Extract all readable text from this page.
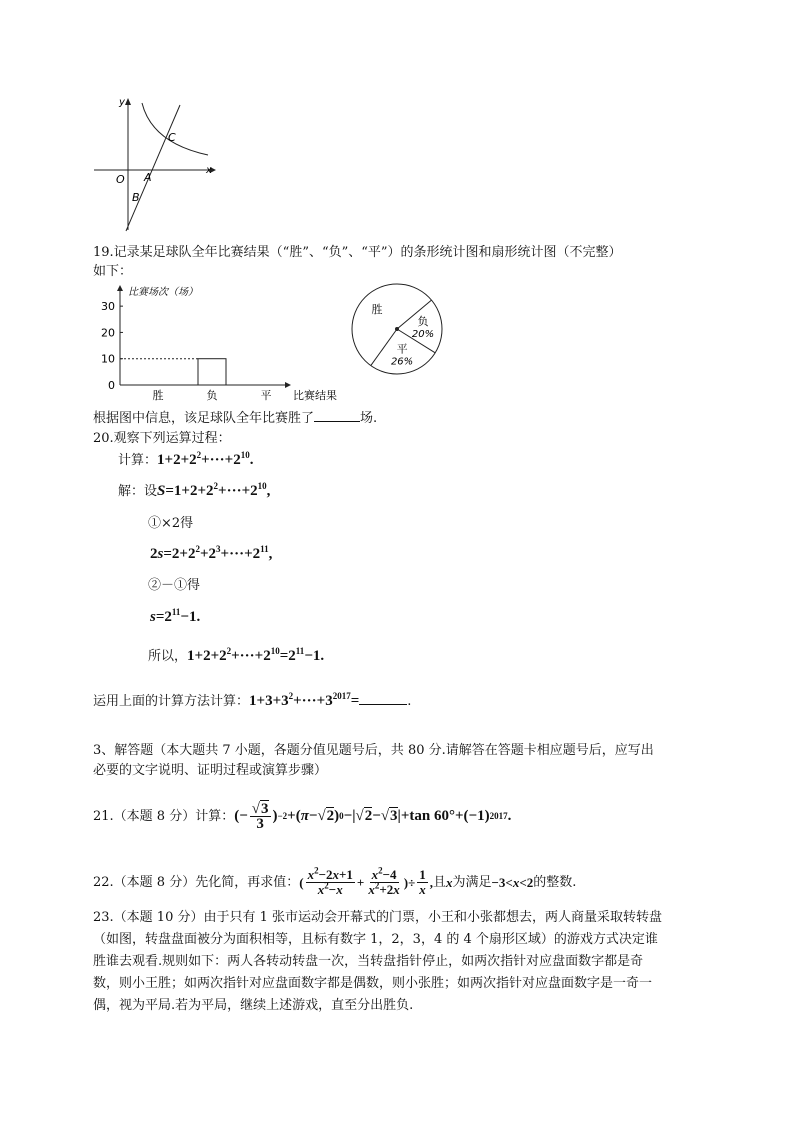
y
x
O A
B
C
19.记录某足球队全年比赛结果（“胜”、“负”、“平”）的条形统计图和扇形统计图（不完整）
如下：
比赛场次（场）
0
10
20
30
胜	负	平 比赛结果
负
20%
平
26%
胜
根据图中信息，该足球队全年比赛胜了	场.
20.观察下列运算过程：
计算：$1+2+2^2+\cdot\cdot\cdot+2^{10}$.
解：设$S=1+2+2^2+\cdot\cdot\cdot+2^{10}$,
①×2得
$2s=2+2^2+2^3+\cdot\cdot\cdot+2^{11}$,
②－①得
$s=2^{11}-1$.
所以，$1+2+2^2+\cdot\cdot\cdot+2^{10}=2^{11}-1$.
运用上面的计算方法计算：$1+3+3^2+\cdot\cdot\cdot+3^{2017}=$	.
3、解答题（本大题共 7 小题，各题分值见题号后，共 80 分.请解答在答题卡相应题号后，应写出
必要的文字说明、证明过程或演算步骤）
21.（本题 8 分）计算： (− $\frac{√3}{3}$ ) −2 +( π −√ 2 ) 0 −|√ 2 −√ 3 |+tan 60°+(−1) 2017 .
22.（本题 8 分）先化简，再求值： ( $\frac{x^2-2x+1}{x^2-x} + \frac{x^2-4}{x^2+2x}$ )÷ $\frac{1}{x}$ , 且 x 为满足 −3<x<2 的整数.
23.（本题 10 分）由于只有 1 张市运动会开幕式的门票，小王和小张都想去，两人商量采取转转盘
（如图，转盘盘面被分为面积相等，且标有数字 1，2，3，4 的 4 个扇形区域）的游戏方式决定谁
胜谁去观看.规则如下：两人各转动转盘一次，当转盘指针停止，如两次指针对应盘面数字都是奇
数，则小王胜；如两次指针对应盘面数字都是偶数，则小张胜；如两次指针对应盘面数字是一奇一
偶，视为平局.若为平局，继续上述游戏，直至分出胜负.
